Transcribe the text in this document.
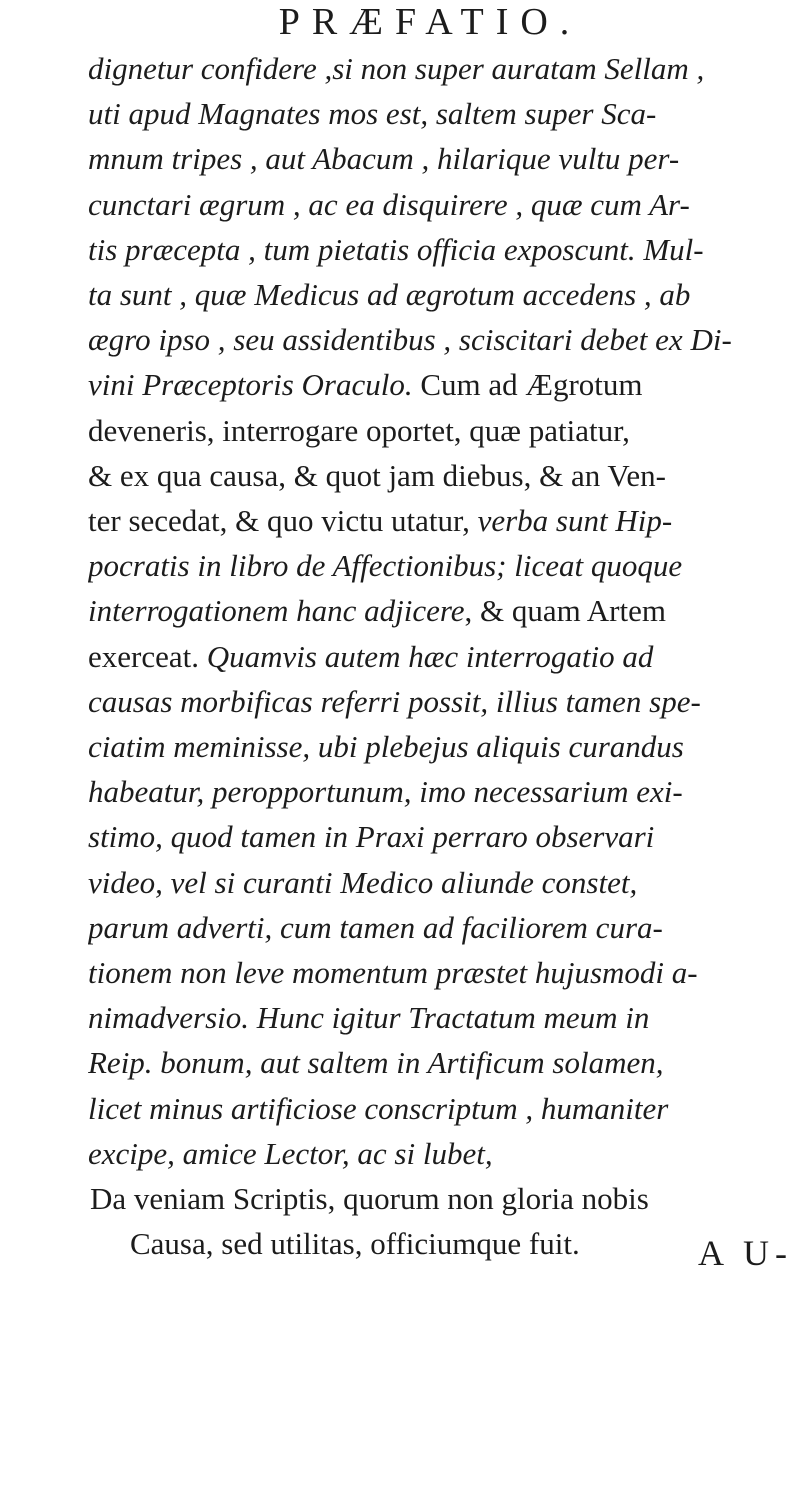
PRÆFATIO.
dignetur confidere ,si non super auratam Sellam ,
uti apud Magnates mos est, saltem super Sca-
mnum tripes , aut Abacum , hilarique vultu per-
cunctari ægrum , ac ea disquirere , quæ cum Ar-
tis præcepta , tum pietatis officia exposcunt. Mul-
ta sunt , quæ Medicus ad ægrotum accedens , ab
ægro ipso , seu assidentibus , sciscitari debet ex Di-
vini Præceptoris Oraculo. Cum ad Ægrotum
deveneris, interrogare oportet, quæ patiatur,
& ex qua causa, & quot jam diebus, & an Ven-
ter secedat, & quo victu utatur, verba sunt Hip-
pocratis in libro de Affectionibus; liceat quoque
interrogationem hanc adjicere, & quam Artem
exerceat. Quamvis autem hæc interrogatio ad
causas morbificas referri possit, illius tamen spe-
ciatim meminisse, ubi plebejus aliquis curandus
habeatur, peropportunum, imo necessarium exi-
stimo, quod tamen in Praxi perraro observari
video, vel si curanti Medico aliunde constet,
parum adverti, cum tamen ad faciliorem cura-
tionem non leve momentum præstet hujusmodi a-
nimadversio. Hunc igitur Tractatum meum in
Reip. bonum, aut saltem in Artificum solamen,
licet minus artificiose conscriptum , humaniter
excipe, amice Lector, ac si lubet,
Da veniam Scriptis, quorum non gloria nobis
Causa, sed utilitas, officiumque fuit.	A U-
